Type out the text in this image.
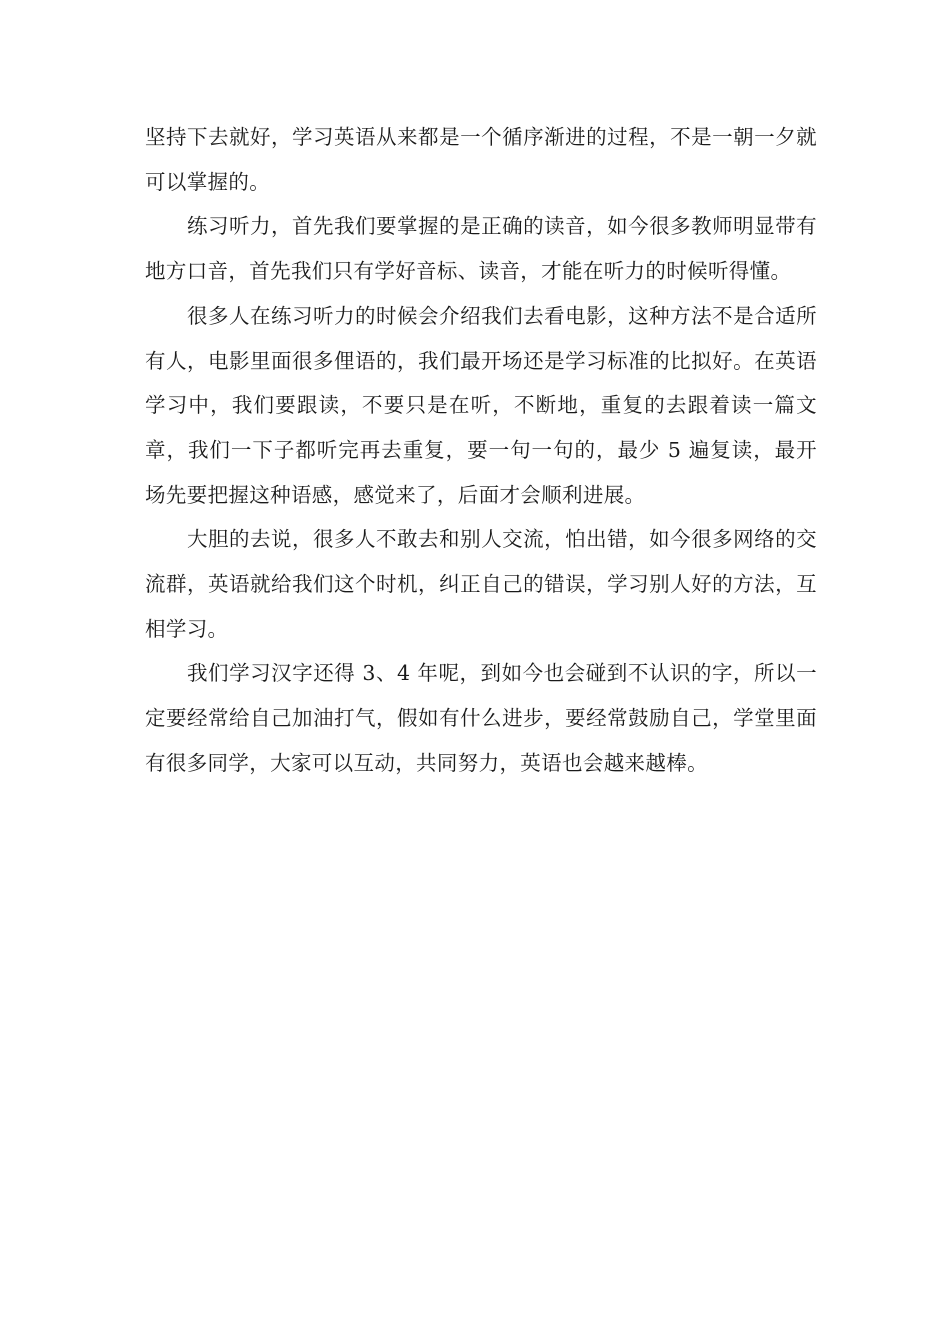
坚持下去就好，学习英语从来都是一个循序渐进的过程，不是一朝一夕就可以掌握的。

练习听力，首先我们要掌握的是正确的读音，如今很多教师明显带有地方口音，首先我们只有学好音标、读音，才能在听力的时候听得懂。

很多人在练习听力的时候会介绍我们去看电影，这种方法不是合适所有人，电影里面很多俚语的，我们最开场还是学习标准的比拟好。在英语学习中，我们要跟读，不要只是在听，不断地，重复的去跟着读一篇文章，我们一下子都听完再去重复，要一句一句的，最少 5 遍复读，最开场先要把握这种语感，感觉来了，后面才会顺利进展。

大胆的去说，很多人不敢去和别人交流，怕出错，如今很多网络的交流群，英语就给我们这个时机，纠正自己的错误，学习别人好的方法，互相学习。

我们学习汉字还得 3、4 年呢，到如今也会碰到不认识的字，所以一定要经常给自己加油打气，假如有什么进步，要经常鼓励自己，学堂里面有很多同学，大家可以互动，共同努力，英语也会越来越棒。
